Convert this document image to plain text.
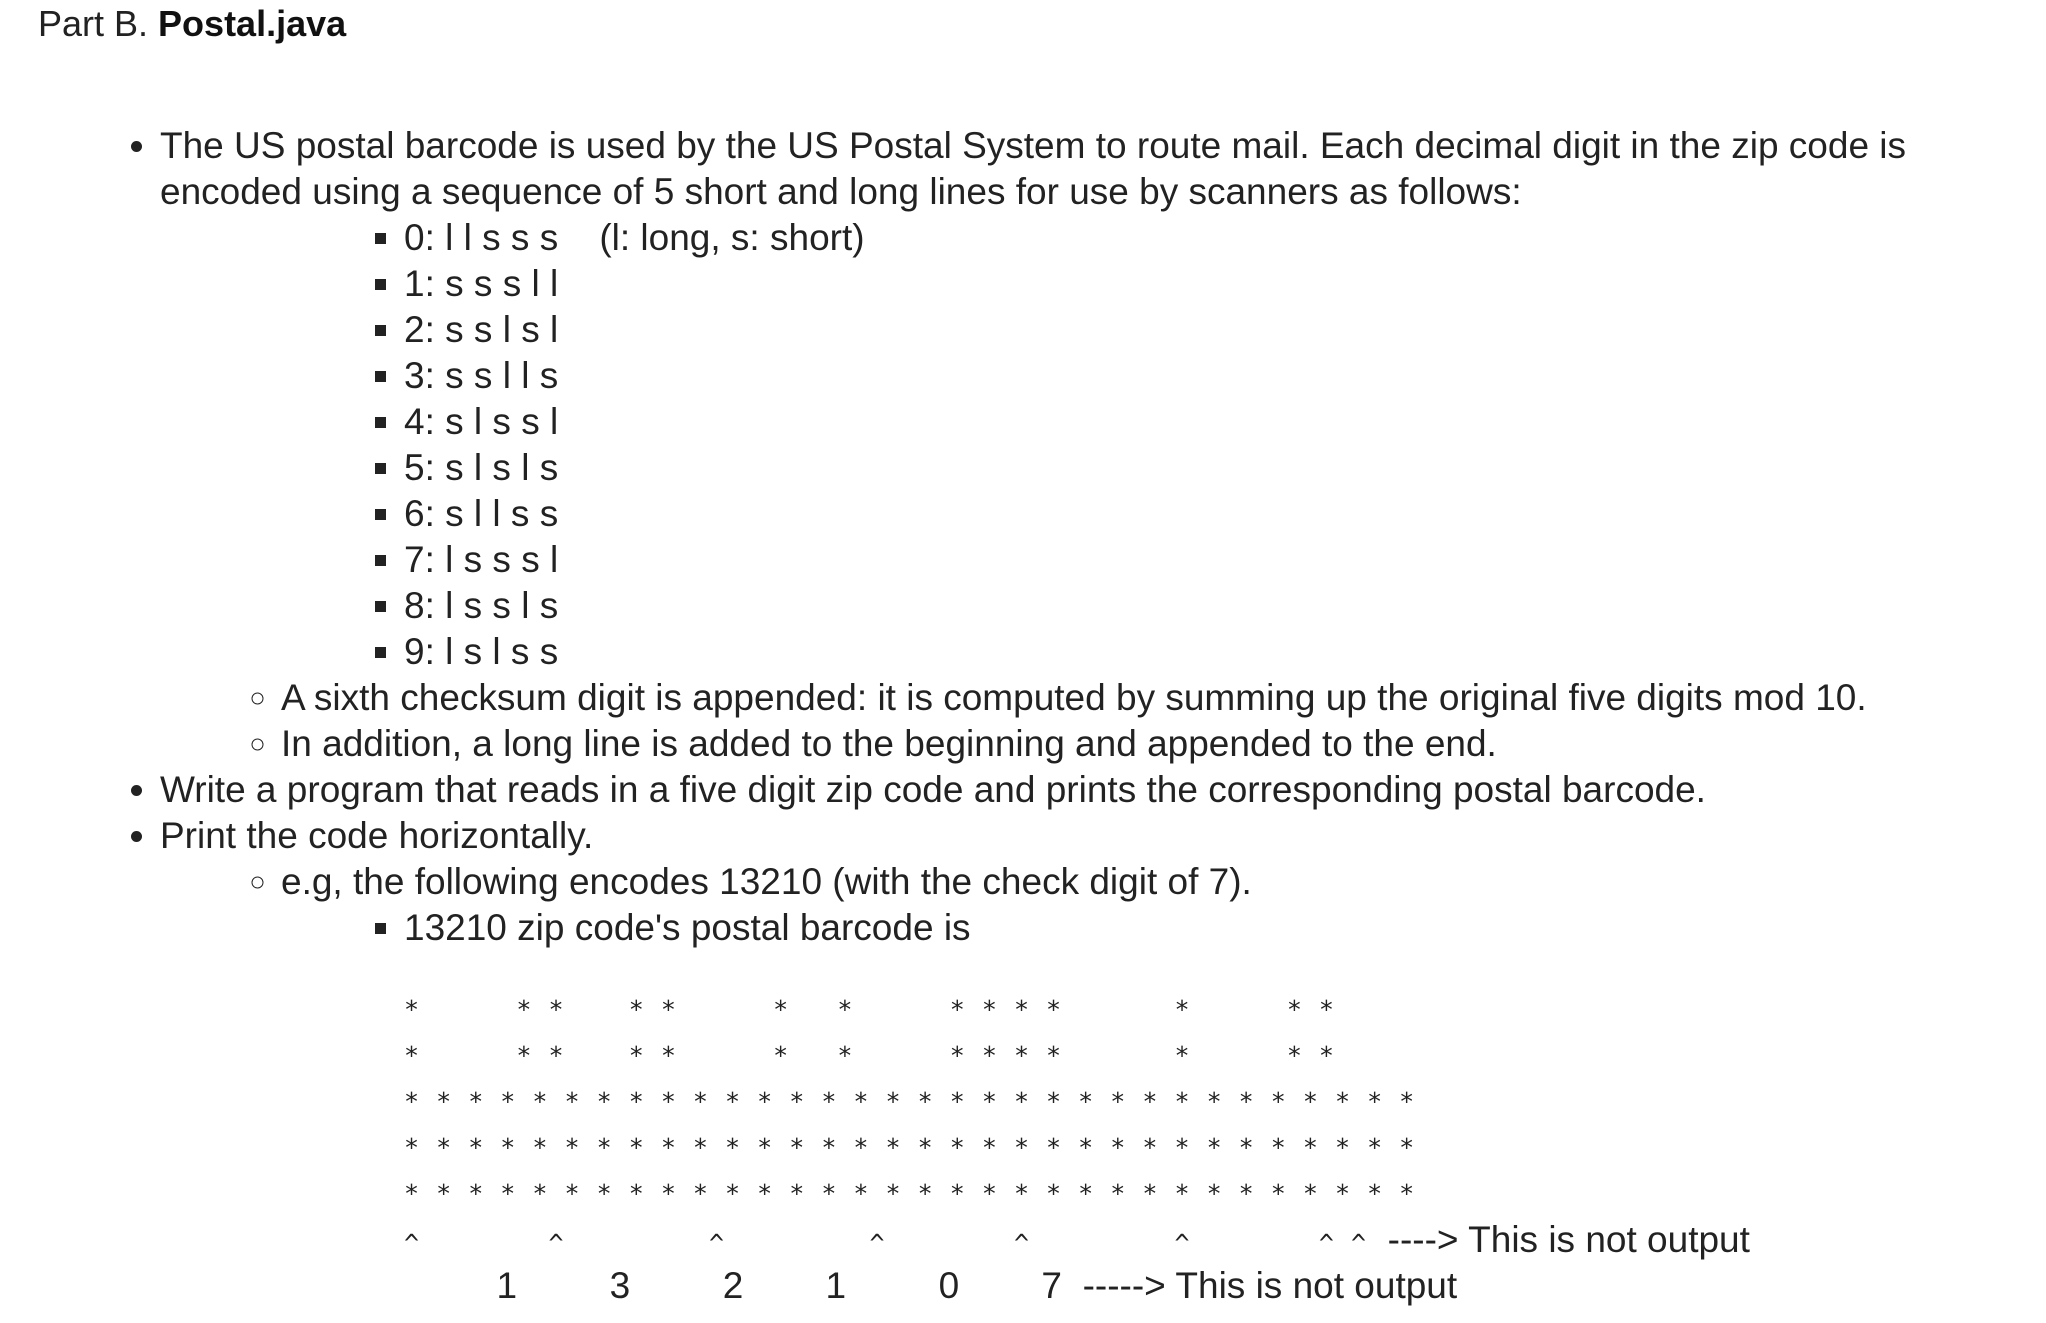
Part B. Postal.java
• The US postal barcode is used by the US Postal System to route mail. Each decimal digit in the zip code is encoded using a sequence of 5 short and long lines for use by scanners as follows:
▪ 0: l l s s s    (l: long, s: short)
▪ 1: s s s l l
▪ 2: s s l s l
▪ 3: s s l l s
▪ 4: s l s s l
▪ 5: s l s l s
▪ 6: s l l s s
▪ 7: l s s s l
▪ 8: l s s l s
▪ 9: l s l s s
◦ A sixth checksum digit is appended: it is computed by summing up the original five digits mod 10.
◦ In addition, a long line is added to the beginning and appended to the end.
• Write a program that reads in a five digit zip code and prints the corresponding postal barcode.
• Print the code horizontally.
◦ e.g, the following encodes 13210 (with the check digit of 7).
▪ 13210 zip code's postal barcode is
*      * *    * *      *   *      * * * *       *      * *
*      * *    * *      *   *      * * * *       *      * *
* * * * * * * * * * * * * * * * * * * * * * * * * * * * * * * *
* * * * * * * * * * * * * * * * * * * * * * * * * * * * * * * *
* * * * * * * * * * * * * * * * * * * * * * * * * * * * * * * *
^        ^         ^         ^        ^         ^        ^ ^  ----> This is not output
1         3         2        1         0        7  -----> This is not output
